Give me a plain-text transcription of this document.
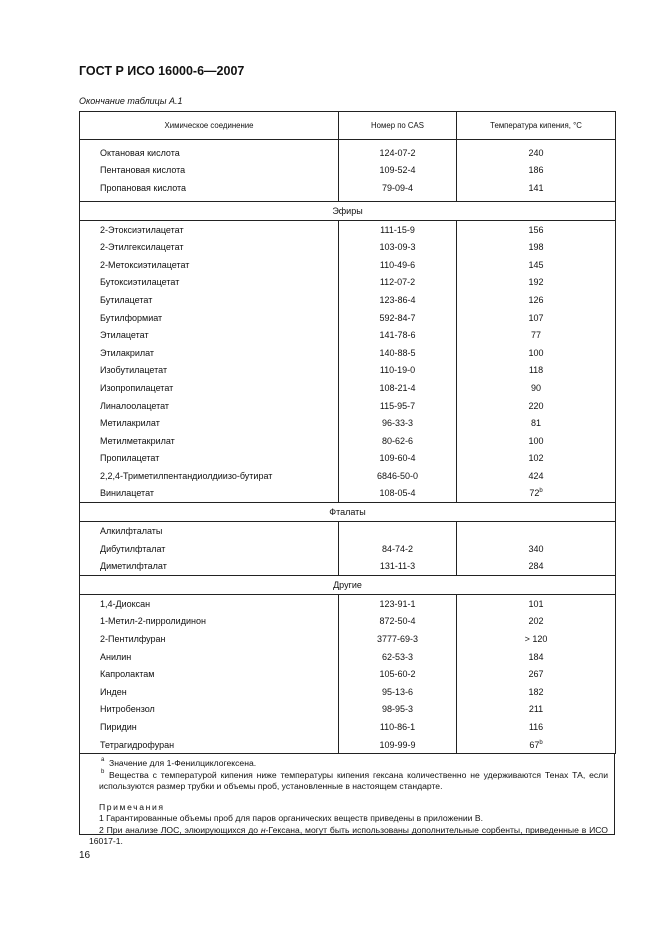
ГОСТ Р ИСО 16000-6—2007
Окончание таблицы А.1
Химическое соединение	Номер по CAS	Температура кипения, °С
Октановая кислота	124-07-2	240
Пентановая кислота	109-52-4	186
Пропановая кислота	79-09-4	141

Эфиры		
2-Этоксиэтилацетат	111-15-9	156
2-Этилгексилацетат	103-09-3	198
2-Метоксиэтилацетат	110-49-6	145
Бутоксиэтилацетат	112-07-2	192
Бутилацетат	123-86-4	126
Бутилформиат	592-84-7	107
Этилацетат	141-78-6	77
Этилакрилат	140-88-5	100
Изобутилацетат	110-19-0	118
Изопропилацетат	108-21-4	90
Линалоолацетат	115-95-7	220
Метилакрилат	96-33-3	81
Метилметакрилат	80-62-6	100
Пропилацетат	109-60-4	102
2,2,4-Триметилпентандиолдиизо-бутират	6846-50-0	424
Винилацетат	108-05-4	72$^b$
Фталаты		
Алкилфталаты		
Дибутилфталат	84-74-2	340
Диметилфталат	131-11-3	284
Другие		
1,4-Диоксан	123-91-1	101
1-Метил-2-пирролидинон	872-50-4	202
2-Пентилфуран	3777-69-3	> 120
Анилин	62-53-3	184
Капролактам	105-60-2	267
Инден	95-13-6	182
Нитробензол	98-95-3	211
Пиридин	110-86-1	116
Тетрагидрофуран	109-99-9	67$^b$

a Значение для 1-Фенилциклогексена.

b Вещества с температурой кипения ниже температуры кипения гексана количественно не удерживаются Тенах ТА, если используются размер трубки и объемы проб, установленные в настоящем стандарте.

Примечания

1 Гарантированные объемы проб для паров органических веществ приведены в приложении В.

2 При анализе ЛОС, элюирующихся до н-Гексана, могут быть использованы дополнительные сорбенты, приведенные в ИСО 16017-1.

16
